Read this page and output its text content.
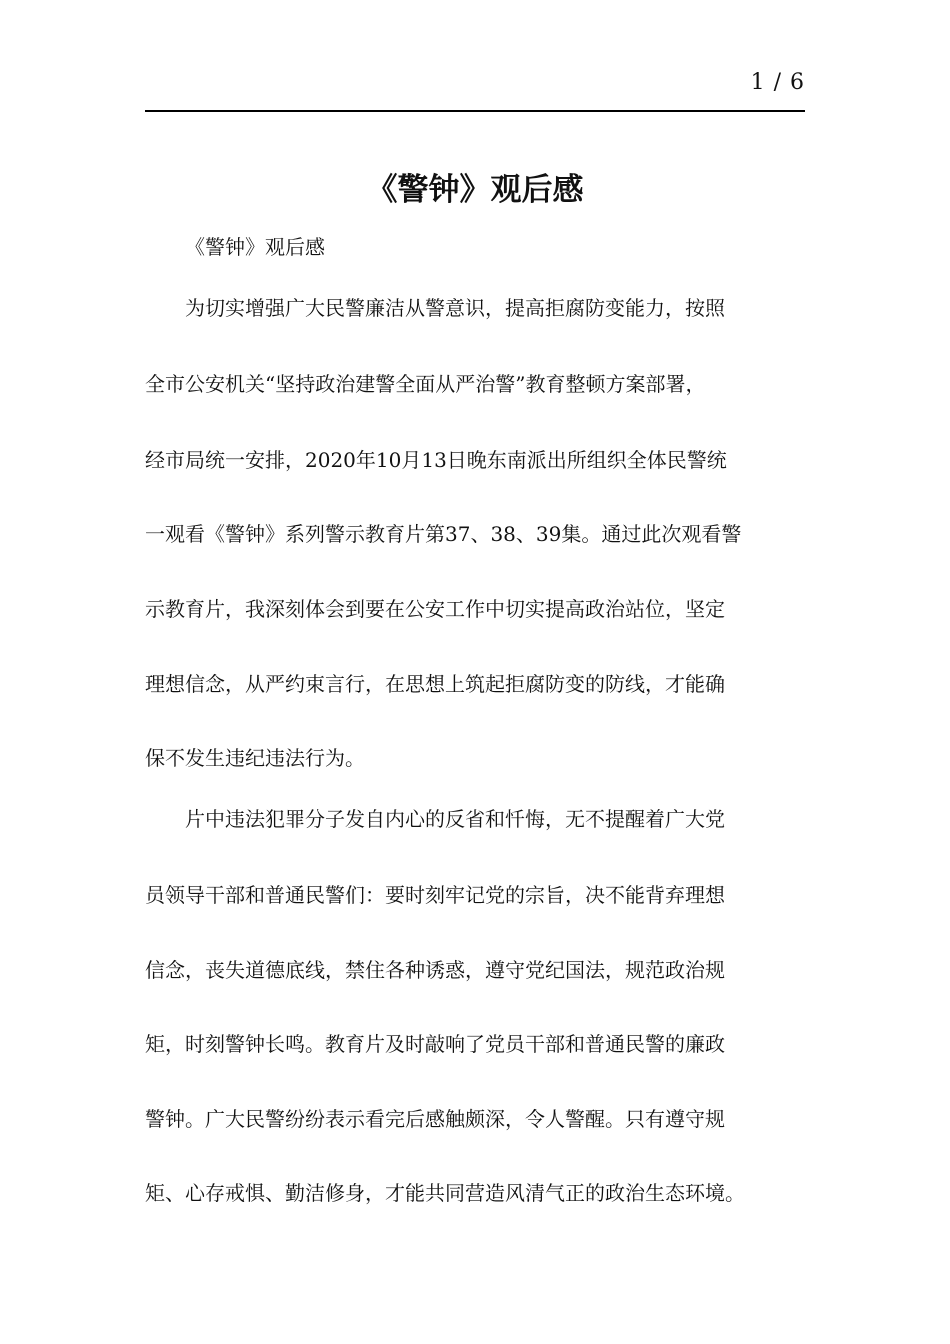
1 / 6
《警钟》观后感

《警钟》观后感

为切实增强广大民警廉洁从警意识，提高拒腐防变能力，按照

全市公安机关“坚持政治建警全面从严治警”教育整顿方案部署，

经市局统一安排，2020年10月13日晚东南派出所组织全体民警统

一观看《警钟》系列警示教育片第37、38、39集。通过此次观看警

示教育片，我深刻体会到要在公安工作中切实提高政治站位，坚定

理想信念，从严约束言行，在思想上筑起拒腐防变的防线，才能确

保不发生违纪违法行为。

片中违法犯罪分子发自内心的反省和忏悔，无不提醒着广大党

员领导干部和普通民警们：要时刻牢记党的宗旨，决不能背弃理想

信念，丧失道德底线，禁住各种诱惑，遵守党纪国法，规范政治规

矩，时刻警钟长鸣。教育片及时敲响了党员干部和普通民警的廉政

警钟。广大民警纷纷表示看完后感触颇深，令人警醒。只有遵守规

矩、心存戒惧、勤洁修身，才能共同营造风清气正的政治生态环境。
